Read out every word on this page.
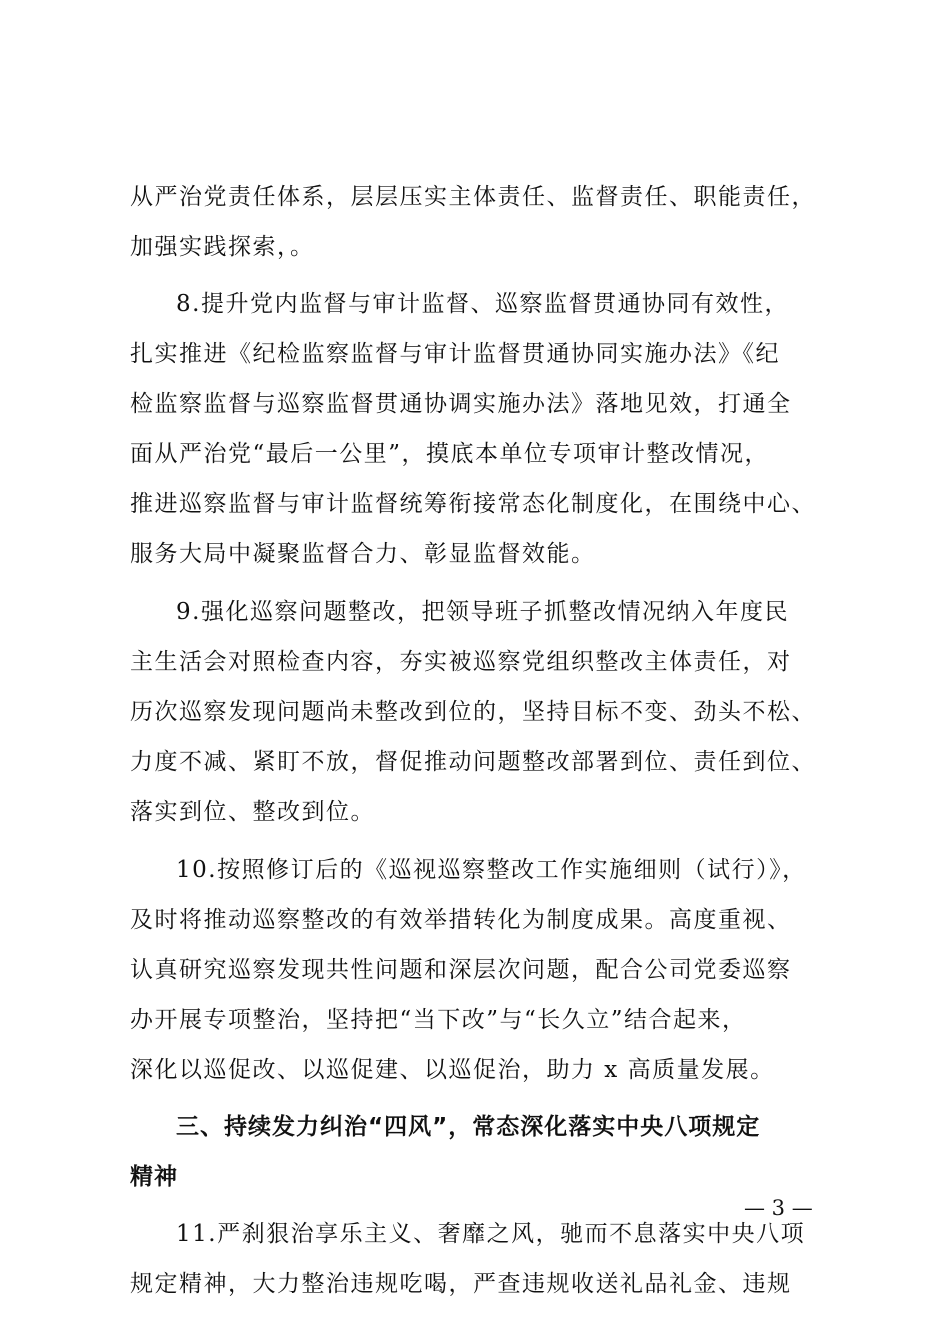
从严治党责任体系，层层压实主体责任、监督责任、职能责任，
加强实践探索，。
8.提升党内监督与审计监督、巡察监督贯通协同有效性，
扎实推进《纪检监察监督与审计监督贯通协同实施办法》《纪
检监察监督与巡察监督贯通协调实施办法》落地见效，打通全
面从严治党“最后一公里”，摸底本单位专项审计整改情况，
推进巡察监督与审计监督统筹衔接常态化制度化，在围绕中心、
服务大局中凝聚监督合力、彰显监督效能。
9.强化巡察问题整改，把领导班子抓整改情况纳入年度民
主生活会对照检查内容，夯实被巡察党组织整改主体责任，对
历次巡察发现问题尚未整改到位的，坚持目标不变、劲头不松、
力度不减、紧盯不放，督促推动问题整改部署到位、责任到位、
落实到位、整改到位。
10.按照修订后的《巡视巡察整改工作实施细则（试行）》，
及时将推动巡察整改的有效举措转化为制度成果。高度重视、
认真研究巡察发现共性问题和深层次问题，配合公司党委巡察
办开展专项整治，坚持把“当下改”与“长久立”结合起来，
深化以巡促改、以巡促建、以巡促治，助力 x 高质量发展。
三、持续发力纠治“四风”，常态深化落实中央八项规定
精神
11.严刹狠治享乐主义、奢靡之风，驰而不息落实中央八项
规定精神，大力整治违规吃喝，严查违规收送礼品礼金、违规
— 3 —
